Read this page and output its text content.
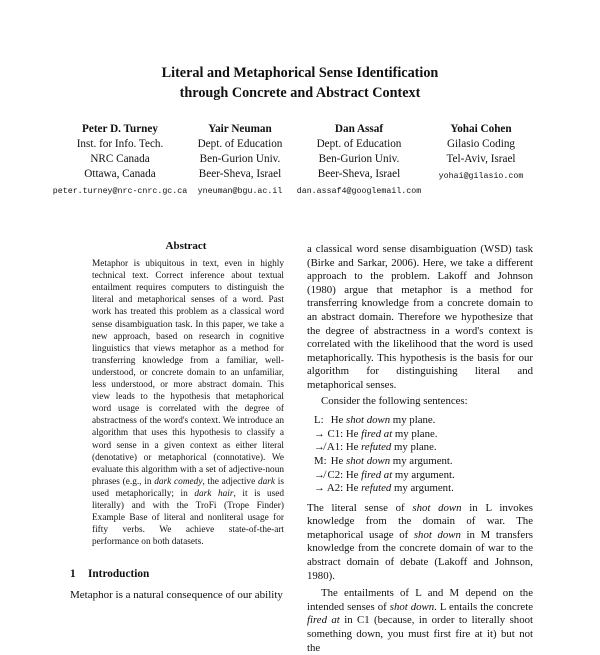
Literal and Metaphorical Sense Identification
through Concrete and Abstract Context
Peter D. Turney
Inst. for Info. Tech.
NRC Canada
Ottawa, Canada
peter.turney@nrc-cnrc.gc.ca
Yair Neuman
Dept. of Education
Ben-Gurion Univ.
Beer-Sheva, Israel
yneuman@bgu.ac.il
Dan Assaf
Dept. of Education
Ben-Gurion Univ.
Beer-Sheva, Israel
dan.assaf4@googlemail.com
Yohai Cohen
Gilasio Coding
Tel-Aviv, Israel
yohai@gilasio.com
Abstract

Metaphor is ubiquitous in text, even in highly technical text. Correct inference about textual entailment requires computers to distinguish the literal and metaphorical senses of a word. Past work has treated this problem as a classical word sense disambiguation task. In this paper, we take a new approach, based on research in cognitive linguistics that views metaphor as a method for transferring knowledge from a familiar, well-understood, or concrete domain to an unfamiliar, less understood, or more abstract domain. This view leads to the hypothesis that metaphorical word usage is correlated with the degree of abstractness of the word's context. We introduce an algorithm that uses this hypothesis to classify a word sense in a given context as either literal (denotative) or metaphorical (connotative). We evaluate this algorithm with a set of adjective-noun phrases (e.g., in dark comedy, the adjective dark is used metaphorically; in dark hair, it is used literally) and with the TroFi (Trope Finder) Example Base of literal and nonliteral usage for fifty verbs. We achieve state-of-the-art performance on both datasets.

1 Introduction
Metaphor is a natural consequence of our ability

a classical word sense disambiguation (WSD) task (Birke and Sarkar, 2006). Here, we take a different approach to the problem. Lakoff and Johnson (1980) argue that metaphor is a method for transferring knowledge from a concrete domain to an abstract domain. Therefore we hypothesize that the degree of abstractness in a word's context is correlated with the likelihood that the word is used metaphorically. This hypothesis is the basis for our algorithm for distinguishing literal and metaphorical senses.

Consider the following sentences:

L: He shot down my plane.

→ C1: He fired at my plane.

↛ A1: He refuted my plane.

M: He shot down my argument.

↛ C2: He fired at my argument.

→ A2: He refuted my argument.

The literal sense of shot down in L invokes knowledge from the domain of war. The metaphorical usage of shot down in M transfers knowledge from the concrete domain of war to the abstract domain of debate (Lakoff and Johnson, 1980).

The entailments of L and M depend on the intended senses of shot down. L entails the concrete fired at in C1 (because, in order to literally shoot something down, you must first fire at it) but not the
